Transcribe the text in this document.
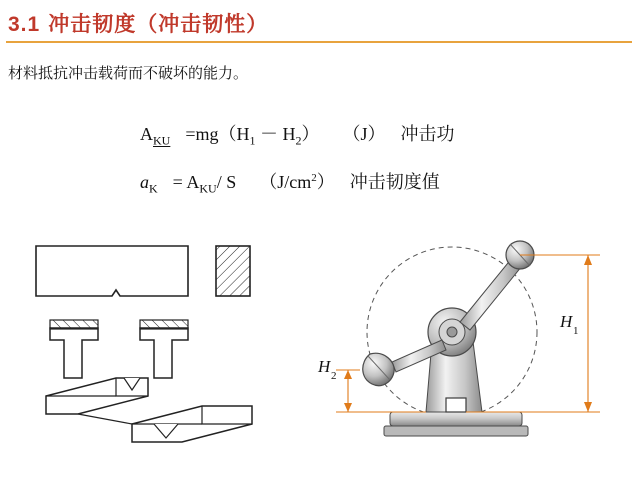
3.1 冲击韧度（冲击韧性）
材料抵抗冲击载荷而不破坏的能力。
$A_{KU} =mg(H_1 - H_2)$ （J） 冲击功
$a_K = A_{KU}/$ S $(J/cm^2)$ 冲击韧度值
H 1
H 2
